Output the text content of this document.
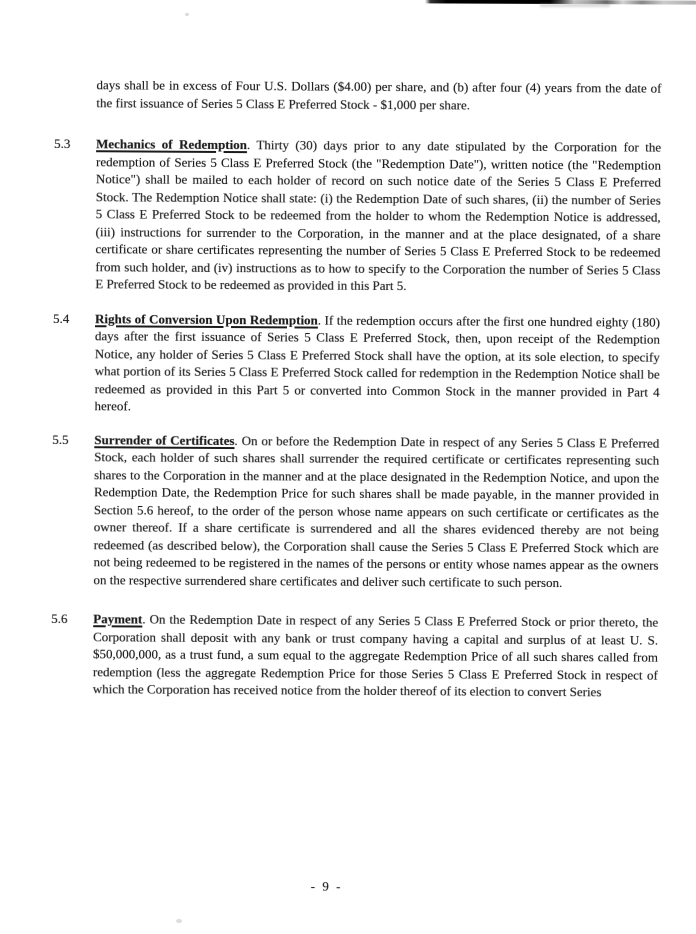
days shall be in excess of Four U.S. Dollars ($4.00) per share, and (b) after four (4) years from the date of the first issuance of Series 5 Class E Preferred Stock - $1,000 per share.

5.3	Mechanics of Redemption. Thirty (30) days prior to any date stipulated by the Corporation for the redemption of Series 5 Class E Preferred Stock (the "Redemption Date"), written notice (the "Redemption Notice") shall be mailed to each holder of record on such notice date of the Series 5 Class E Preferred Stock. The Redemption Notice shall state: (i) the Redemption Date of such shares, (ii) the number of Series 5 Class E Preferred Stock to be redeemed from the holder to whom the Redemption Notice is addressed, (iii) instructions for surrender to the Corporation, in the manner and at the place designated, of a share certificate or share certificates representing the number of Series 5 Class E Preferred Stock to be redeemed from such holder, and (iv) instructions as to how to specify to the Corporation the number of Series 5 Class E Preferred Stock to be redeemed as provided in this Part 5.

5.4	Rights of Conversion Upon Redemption. If the redemption occurs after the first one hundred eighty (180) days after the first issuance of Series 5 Class E Preferred Stock, then, upon receipt of the Redemption Notice, any holder of Series 5 Class E Preferred Stock shall have the option, at its sole election, to specify what portion of its Series 5 Class E Preferred Stock called for redemption in the Redemption Notice shall be redeemed as provided in this Part 5 or converted into Common Stock in the manner provided in Part 4 hereof.

5.5	Surrender of Certificates. On or before the Redemption Date in respect of any Series 5 Class E Preferred Stock, each holder of such shares shall surrender the required certificate or certificates representing such shares to the Corporation in the manner and at the place designated in the Redemption Notice, and upon the Redemption Date, the Redemption Price for such shares shall be made payable, in the manner provided in Section 5.6 hereof, to the order of the person whose name appears on such certificate or certificates as the owner thereof. If a share certificate is surrendered and all the shares evidenced thereby are not being redeemed (as described below), the Corporation shall cause the Series 5 Class E Preferred Stock which are not being redeemed to be registered in the names of the persons or entity whose names appear as the owners on the respective surrendered share certificates and deliver such certificate to such person.

5.6	Payment. On the Redemption Date in respect of any Series 5 Class E Preferred Stock or prior thereto, the Corporation shall deposit with any bank or trust company having a capital and surplus of at least U. S. $50,000,000, as a trust fund, a sum equal to the aggregate Redemption Price of all such shares called from redemption (less the aggregate Redemption Price for those Series 5 Class E Preferred Stock in respect of which the Corporation has received notice from the holder thereof of its election to convert Series

- 9 -
